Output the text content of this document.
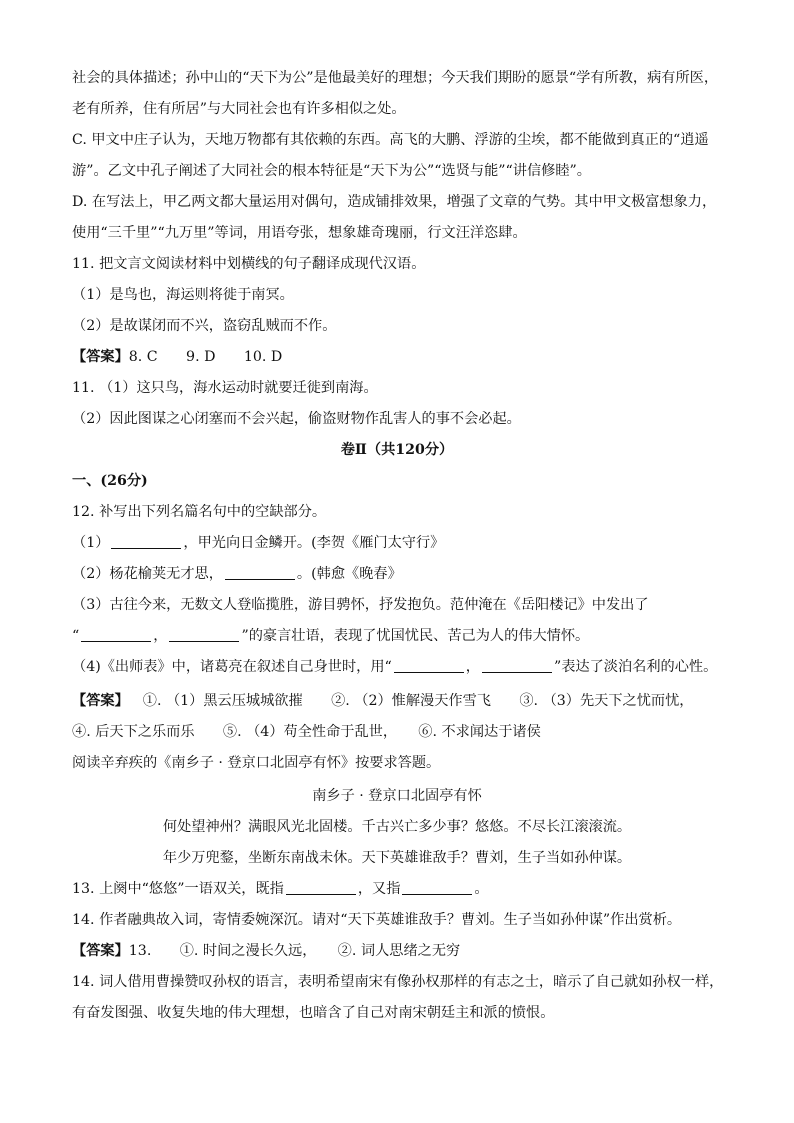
社会的具体描述；孙中山的“天下为公”是他最美好的理想；今天我们期盼的愿景“学有所教，病有所医，
老有所养，住有所居”与大同社会也有许多相似之处。
C. 甲文中庄子认为，天地万物都有其依赖的东西。高飞的大鹏、浮游的尘埃，都不能做到真正的“逍遥
游”。乙文中孔子阐述了大同社会的根本特征是“天下为公”“选贤与能”“讲信修睦”。
D. 在写法上，甲乙两文都大量运用对偶句，造成铺排效果，增强了文章的气势。其中甲文极富想象力，
使用“三千里”“九万里”等词，用语夸张，想象雄奇瑰丽，行文汪洋恣肆。
11. 把文言文阅读材料中划横线的句子翻译成现代汉语。
（1）是鸟也，海运则将徙于南冥。
（2）是故谋闭而不兴，盗窃乱贼而不作。
【答案】8. C　　9. D　　10. D
11. （1）这只鸟，海水运动时就要迁徙到南海。
（2）因此图谋之心闭塞而不会兴起，偷盗财物作乱害人的事不会必起。
卷Ⅱ（共120分）
一、(26分)
12. 补写出下列名篇名句中的空缺部分。
（1）	，甲光向日金鳞开。(李贺《雁门太守行》
（2）杨花榆荚无才思，	。(韩愈《晚春》
（3）古往今来，无数文人登临揽胜，游目骋怀，抒发抱负。范仲淹在《岳阳楼记》中发出了
“	，	”的豪言壮语，表现了忧国忧民、苦己为人的伟大情怀。
（4)《出师表》中，诸葛亮在叙述自己身世时，用“	，	”表达了淡泊名利的心性。
【答案】 ①. （1）黑云压城城欲摧　　②. （2）惟解漫天作雪飞　　③. （3）先天下之忧而忧，
④. 后天下之乐而乐　　⑤. （4）苟全性命于乱世，　　⑥. 不求闻达于诸侯
阅读辛弃疾的《南乡子 · 登京口北固亭有怀》按要求答题。
南乡子 · 登京口北固亭有怀
何处望神州？满眼风光北固楼。千古兴亡多少事？悠悠。不尽长江滚滚流。
年少万兜鍪，坐断东南战未休。天下英雄谁敌手？曹刘，生子当如孙仲谋。
13. 上阕中“悠悠”一语双关，既指	，又指	。
14. 作者融典故入词，寄情委婉深沉。请对“天下英雄谁敌手？曹刘。生子当如孙仲谋”作出赏析。
【答案】13.　　①. 时间之漫长久远，　　②. 词人思绪之无穷
14. 词人借用曹操赞叹孙权的语言，表明希望南宋有像孙权那样的有志之士，暗示了自己就如孙权一样，
有奋发图强、收复失地的伟大理想，也暗含了自己对南宋朝廷主和派的愤恨。
